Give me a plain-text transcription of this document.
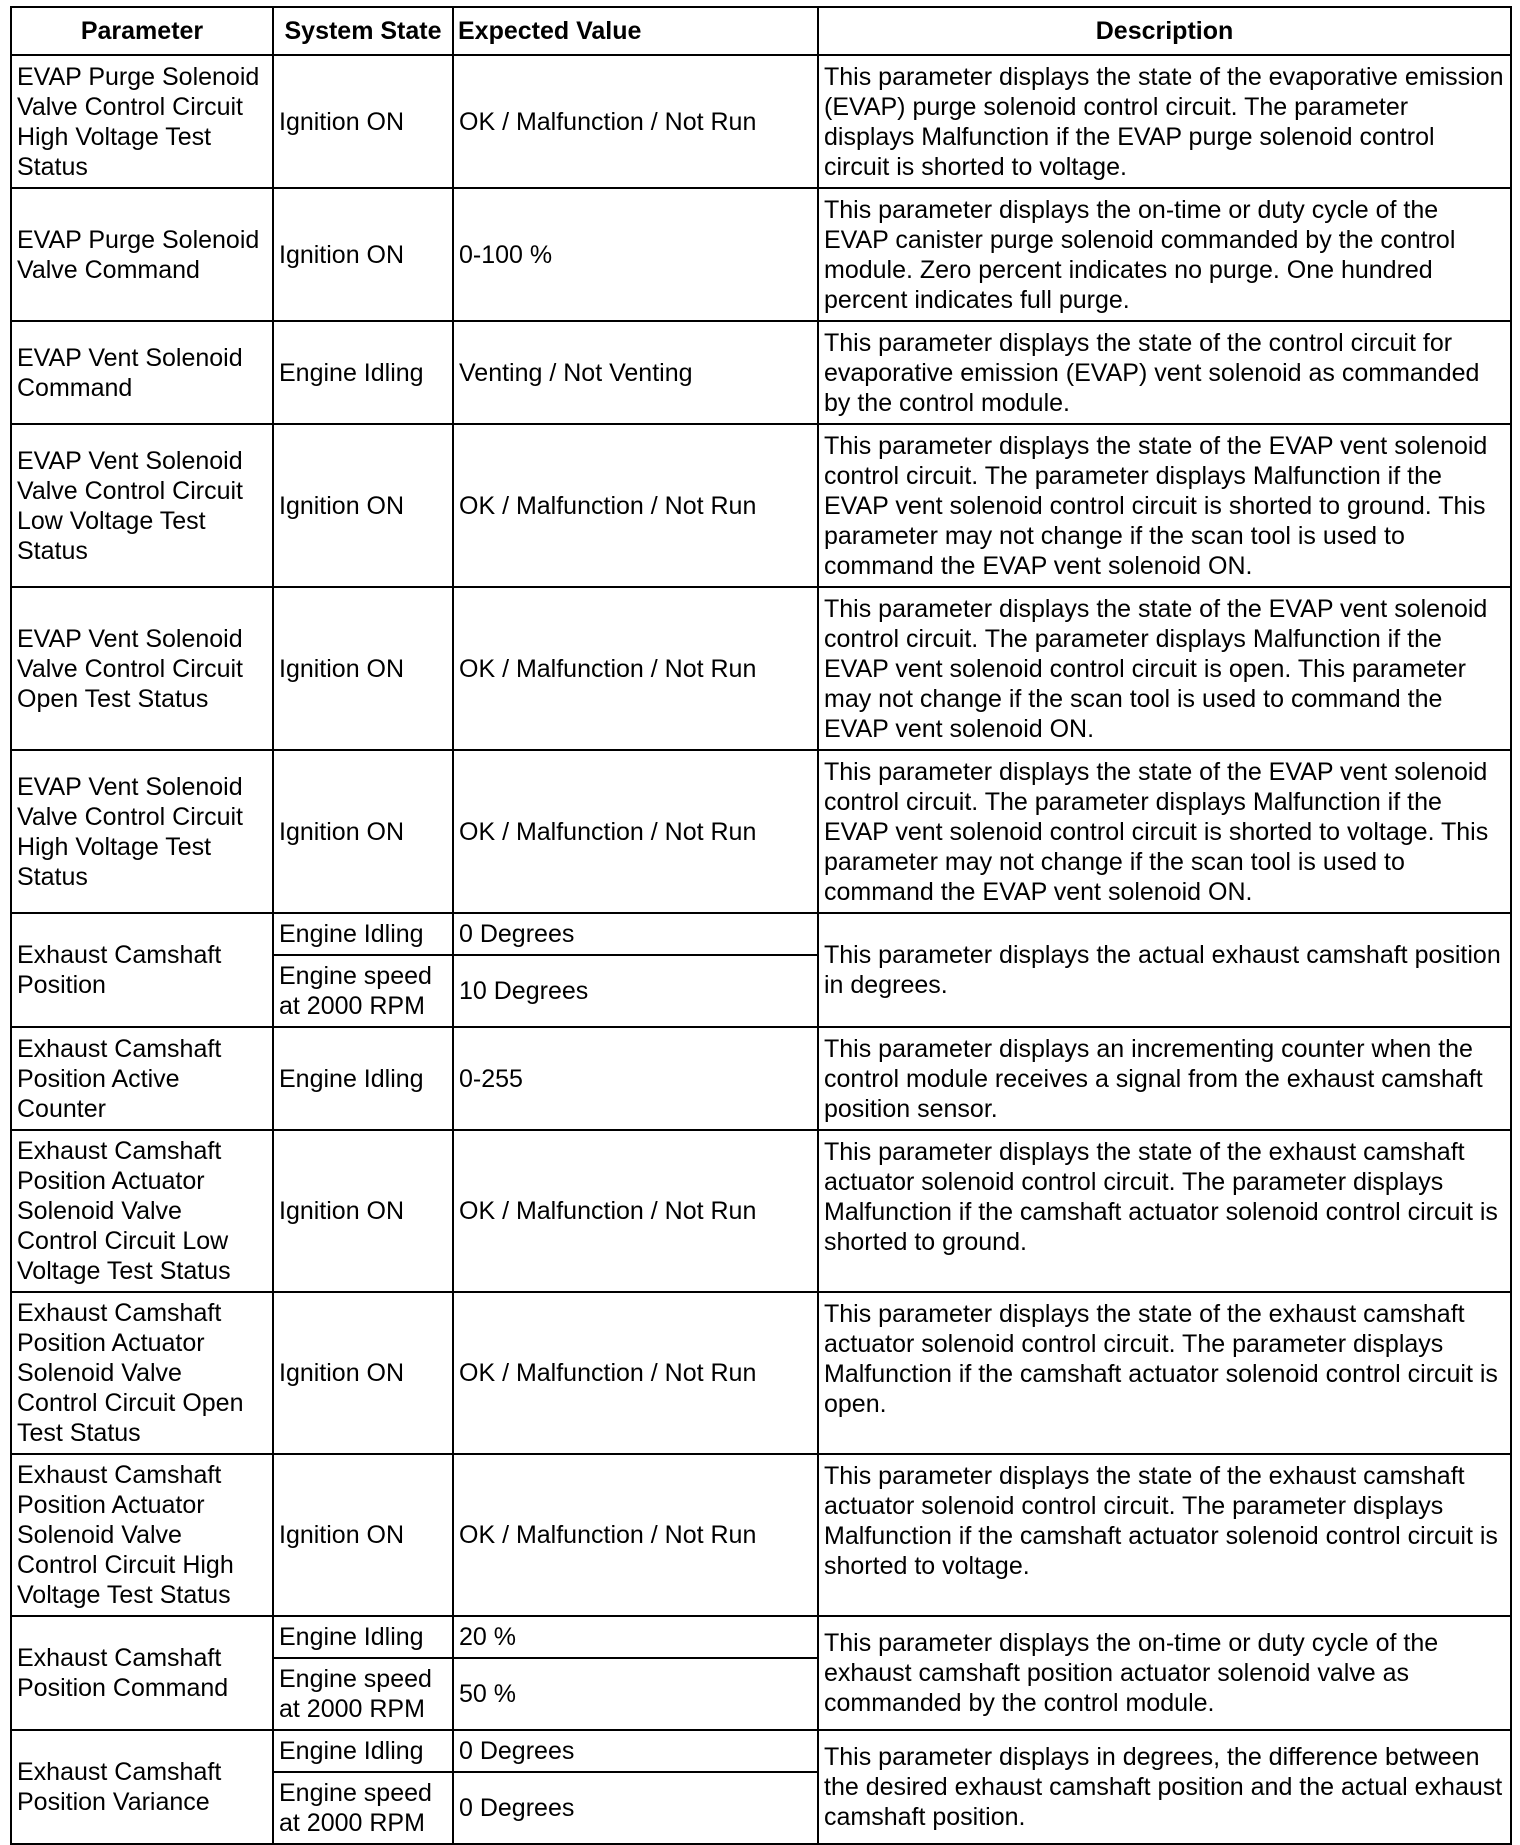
Parameter	System State	Expected Value	Description
EVAP Purge Solenoid Valve Control Circuit High Voltage Test Status	Ignition ON	OK / Malfunction / Not Run	This parameter displays the state of the evaporative emission (EVAP) purge solenoid control circuit. The parameter displays Malfunction if the EVAP purge solenoid control circuit is shorted to voltage.
EVAP Purge Solenoid Valve Command	Ignition ON	0-100 %	This parameter displays the on-time or duty cycle of the EVAP canister purge solenoid commanded by the control module. Zero percent indicates no purge. One hundred percent indicates full purge.
EVAP Vent Solenoid Command	Engine Idling	Venting / Not Venting	This parameter displays the state of the control circuit for evaporative emission (EVAP) vent solenoid as commanded by the control module.
EVAP Vent Solenoid Valve Control Circuit Low Voltage Test Status	Ignition ON	OK / Malfunction / Not Run	This parameter displays the state of the EVAP vent solenoid control circuit. The parameter displays Malfunction if the EVAP vent solenoid control circuit is shorted to ground. This parameter may not change if the scan tool is used to command the EVAP vent solenoid ON.
EVAP Vent Solenoid Valve Control Circuit Open Test Status	Ignition ON	OK / Malfunction / Not Run	This parameter displays the state of the EVAP vent solenoid control circuit. The parameter displays Malfunction if the EVAP vent solenoid control circuit is open. This parameter may not change if the scan tool is used to command the EVAP vent solenoid ON.
EVAP Vent Solenoid Valve Control Circuit High Voltage Test Status	Ignition ON	OK / Malfunction / Not Run	This parameter displays the state of the EVAP vent solenoid control circuit. The parameter displays Malfunction if the EVAP vent solenoid control circuit is shorted to voltage. This parameter may not change if the scan tool is used to command the EVAP vent solenoid ON.
Exhaust Camshaft Position	Engine Idling	0 Degrees	This parameter displays the actual exhaust camshaft position in degrees.
	Engine speed at 2000 RPM	10 Degrees	
Exhaust Camshaft Position Active Counter	Engine Idling	0-255	This parameter displays an incrementing counter when the control module receives a signal from the exhaust camshaft position sensor.
Exhaust Camshaft Position Actuator Solenoid Valve Control Circuit Low Voltage Test Status	Ignition ON	OK / Malfunction / Not Run	This parameter displays the state of the exhaust camshaft actuator solenoid control circuit. The parameter displays Malfunction if the camshaft actuator solenoid control circuit is shorted to ground.
Exhaust Camshaft Position Actuator Solenoid Valve Control Circuit Open Test Status	Ignition ON	OK / Malfunction / Not Run	This parameter displays the state of the exhaust camshaft actuator solenoid control circuit. The parameter displays Malfunction if the camshaft actuator solenoid control circuit is open.
Exhaust Camshaft Position Actuator Solenoid Valve Control Circuit High Voltage Test Status	Ignition ON	OK / Malfunction / Not Run	This parameter displays the state of the exhaust camshaft actuator solenoid control circuit. The parameter displays Malfunction if the camshaft actuator solenoid control circuit is shorted to voltage.
Exhaust Camshaft Position Command	Engine Idling	20 %	This parameter displays the on-time or duty cycle of the exhaust camshaft position actuator solenoid valve as commanded by the control module.
	Engine speed at 2000 RPM	50 %	
Exhaust Camshaft Position Variance	Engine Idling	0 Degrees	This parameter displays in degrees, the difference between the desired exhaust camshaft position and the actual exhaust camshaft position.
	Engine speed at 2000 RPM	0 Degrees	
